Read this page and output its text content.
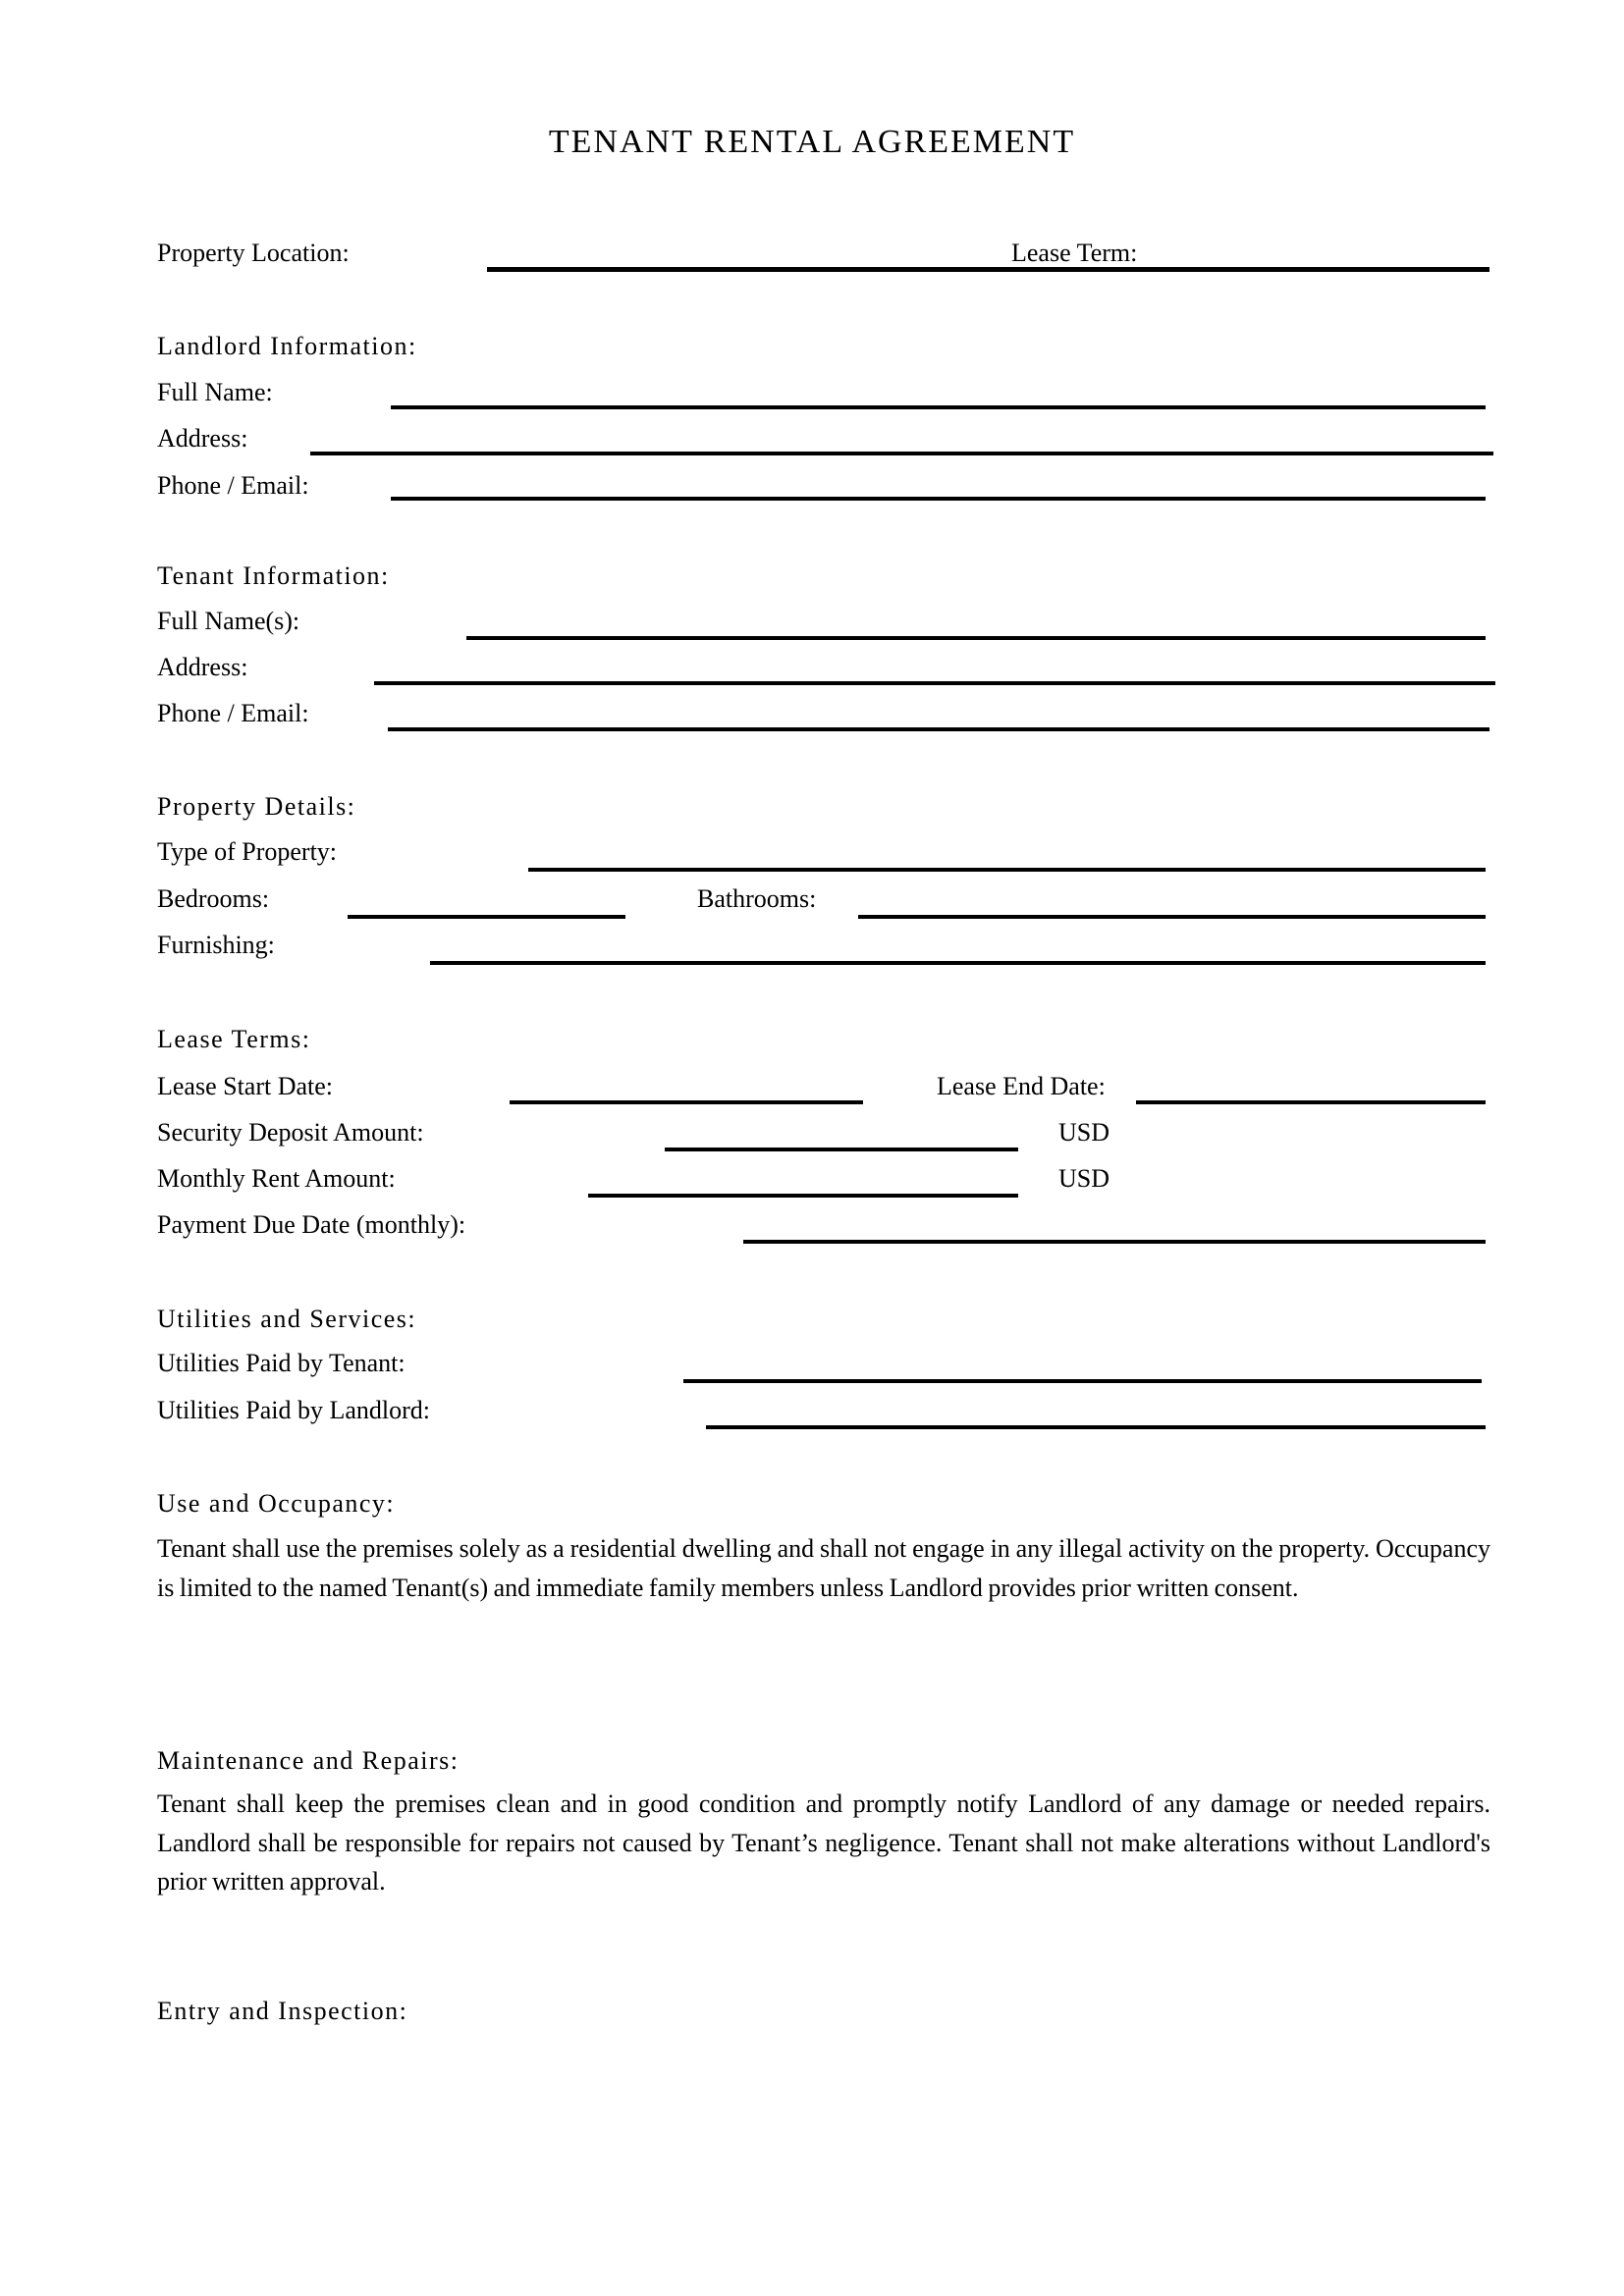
TENANT RENTAL AGREEMENT
Property Location:	Lease Term:
Landlord Information:
Full Name:
Address:
Phone / Email:
Tenant Information:
Full Name(s):
Address:
Phone / Email:
Property Details:
Type of Property:
Bedrooms:	Bathrooms:
Furnishing:
Lease Terms:
Lease Start Date:	Lease End Date:
Security Deposit Amount:	USD
Monthly Rent Amount:	USD
Payment Due Date (monthly):
Utilities and Services:
Utilities Paid by Tenant:
Utilities Paid by Landlord:
Use and Occupancy:
Tenant shall use the premises solely as a residential dwelling and shall not engage in any illegal activity on the property. Occupancy is limited to the named Tenant(s) and immediate family members unless Landlord provides prior written consent.
Maintenance and Repairs:
Tenant shall keep the premises clean and in good condition and promptly notify Landlord of any damage or needed repairs. Landlord shall be responsible for repairs not caused by Tenant’s negligence. Tenant shall not make alterations without Landlord's prior written approval.
Entry and Inspection:
